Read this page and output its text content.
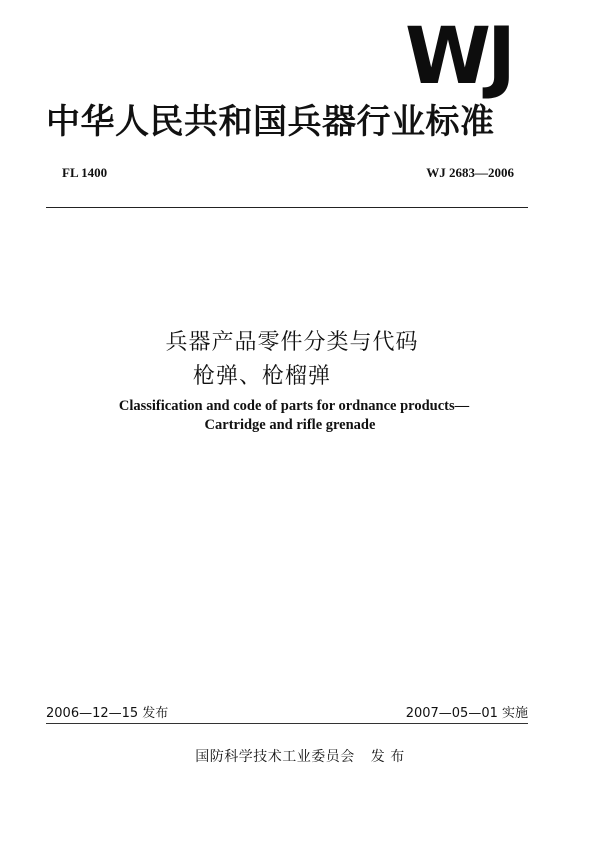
WJ
中华人民共和国兵器行业标准
FL 1400	WJ 2683—2006
兵器产品零件分类与代码
枪弹、枪榴弹
Classification and code of parts for ordnance products—
Cartridge and rifle grenade
2006—12—15 发布	2007—05—01 实施
国防科学技术工业委员会 发 布
